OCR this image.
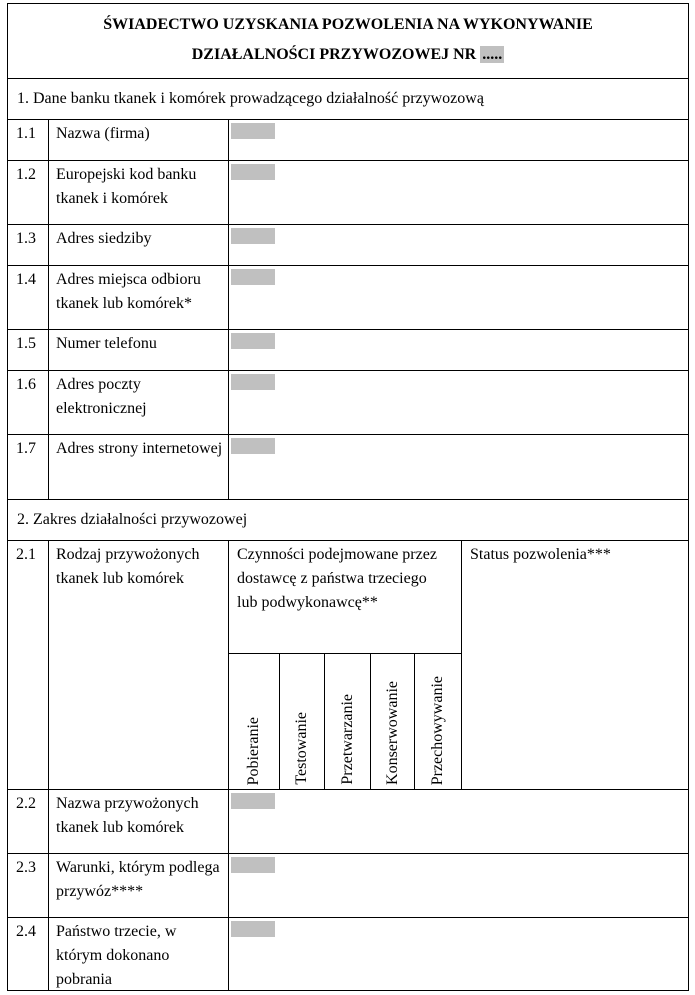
ŚWIADECTWO UZYSKANIA POZWOLENIA NA WYKONYWANIE
DZIAŁALNOŚCI PRZYWOZOWEJ NR .....
1. Dane banku tkanek i komórek prowadzącego działalność przywozową
1.1 Nazwa (firma)
1.2 Europejski kod banku tkanek i komórek
1.3 Adres siedziby
1.4 Adres miejsca odbioru tkanek lub komórek*
1.5 Numer telefonu
1.6 Adres poczty elektronicznej
1.7 Adres strony internetowej
2. Zakres działalności przywozowej
2.1 Rodzaj przywożonych tkanek lub komórek
Czynności podejmowane przez dostawcę z państwa trzeciego lub podwykonawcę**
Status pozwolenia***
Pobieranie Testowanie Przetwarzanie Konserwowanie Przechowywanie
2.2 Nazwa przywożonych tkanek lub komórek
2.3 Warunki, którym podlega przywóz****
2.4 Państwo trzecie, w którym dokonano pobrania
